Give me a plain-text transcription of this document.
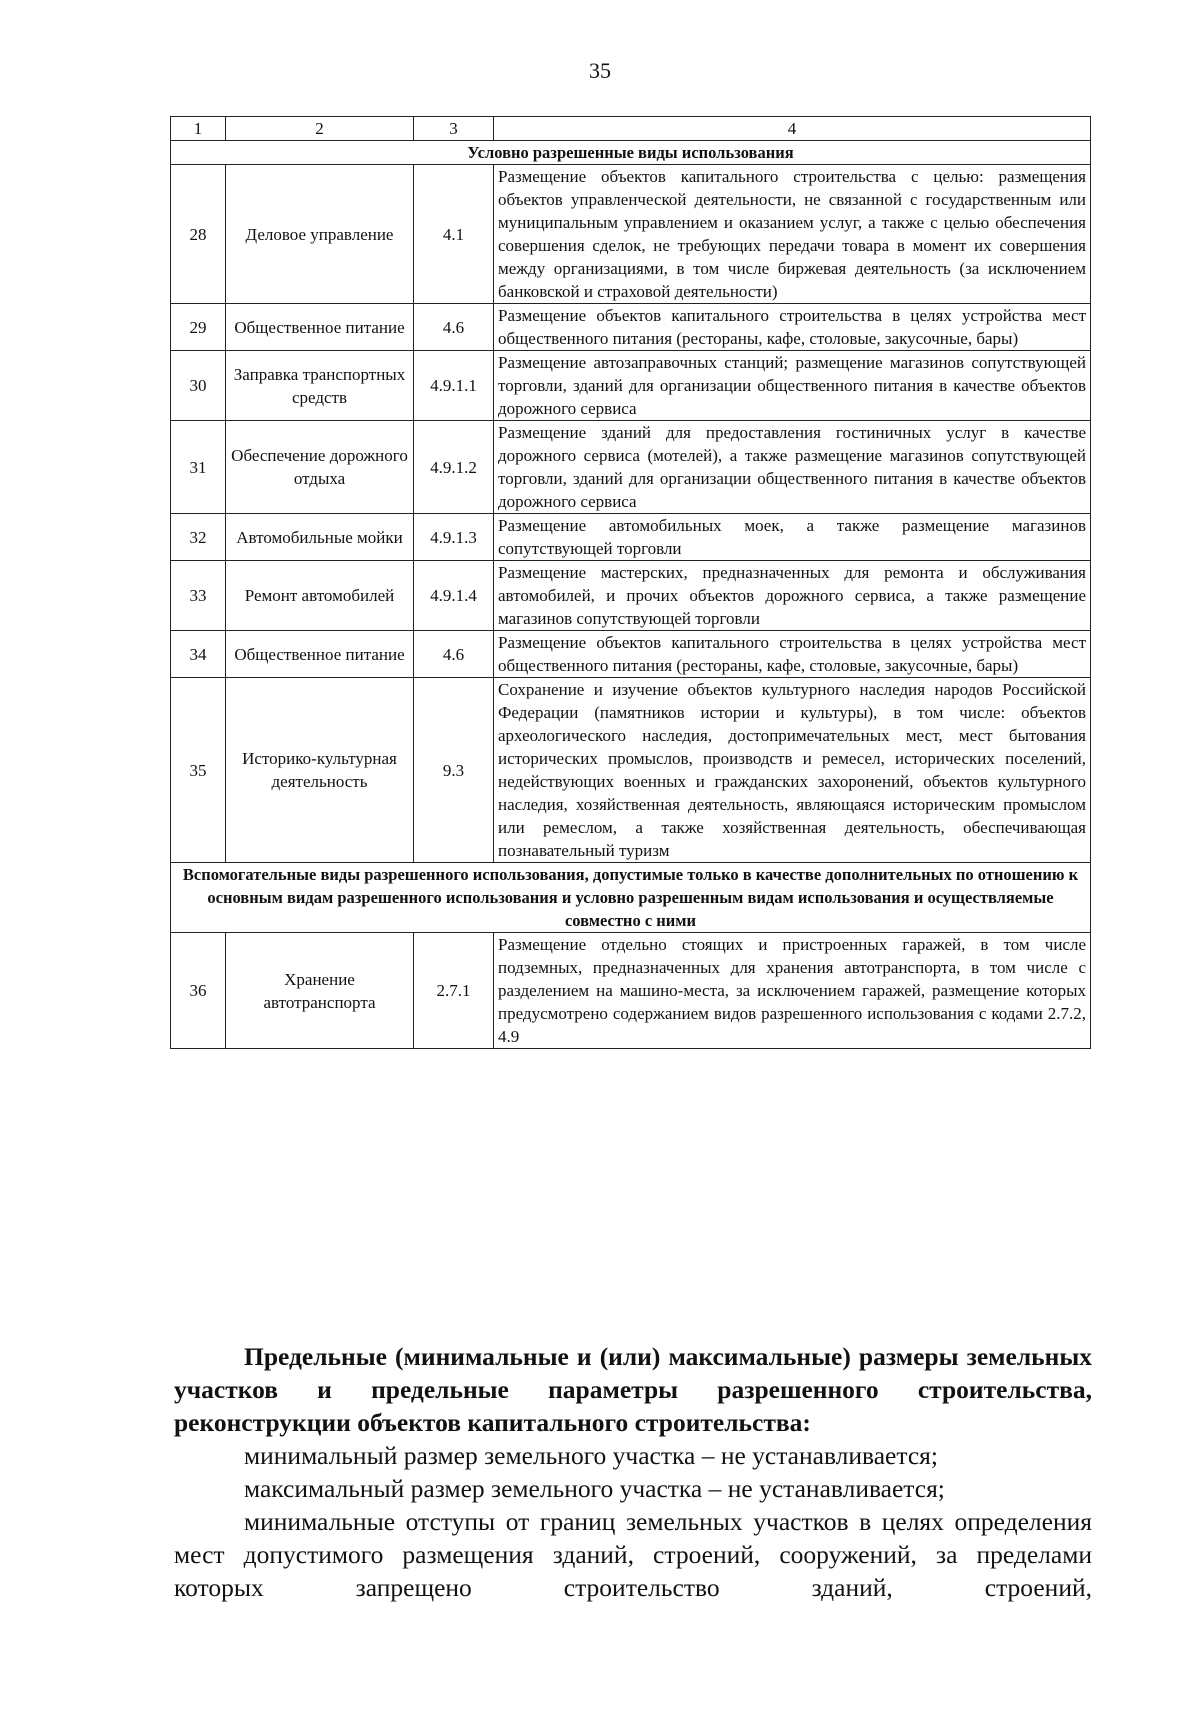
35
1	2	3	4
Условно разрешенные виды использования			
28	Деловое управление	4.1	Размещение объектов капитального строительства с целью: размещения объектов управленческой деятельности, не связанной с государственным или муниципальным управлением и оказанием услуг, а также с целью обеспечения совершения сделок, не требующих передачи товара в момент их совершения между организациями, в том числе биржевая деятельность (за исключением банковской и страховой деятельности)
29	Общественное питание	4.6	Размещение объектов капитального строительства в целях устройства мест общественного питания (рестораны, кафе, столовые, закусочные, бары)
30	Заправка транспортных средств	4.9.1.1	Размещение автозаправочных станций; размещение магазинов сопутствующей торговли, зданий для организации общественного питания в качестве объектов дорожного сервиса
31	Обеспечение дорожного отдыха	4.9.1.2	Размещение зданий для предоставления гостиничных услуг в качестве дорожного сервиса (мотелей), а также размещение магазинов сопутствующей торговли, зданий для организации общественного питания в качестве объектов дорожного сервиса
32	Автомобильные мойки	4.9.1.3	Размещение автомобильных моек, а также размещение магазинов сопутствующей торговли
33	Ремонт автомобилей	4.9.1.4	Размещение мастерских, предназначенных для ремонта и обслуживания автомобилей, и прочих объектов дорожного сервиса, а также размещение магазинов сопутствующей торговли
34	Общественное питание	4.6	Размещение объектов капитального строительства в целях устройства мест общественного питания (рестораны, кафе, столовые, закусочные, бары)
35	Историко-культурная деятельность	9.3	Сохранение и изучение объектов культурного наследия народов Российской Федерации (памятников истории и культуры), в том числе: объектов археологического наследия, достопримечательных мест, мест бытования исторических промыслов, производств и ремесел, исторических поселений, недействующих военных и гражданских захоронений, объектов культурного наследия, хозяйственная деятельность, являющаяся историческим промыслом или ремеслом, а также хозяйственная деятельность, обеспечивающая познавательный туризм
Вспомогательные виды разрешенного использования, допустимые только в качестве дополнительных по отношению к основным видам разрешенного использования и условно разрешенным видам использования и осуществляемые совместно с ними			
36	Хранение автотранспорта	2.7.1	Размещение отдельно стоящих и пристроенных гаражей, в том числе подземных, предназначенных для хранения автотранспорта, в том числе с разделением на машино-места, за исключением гаражей, размещение которых предусмотрено содержанием видов разрешенного использования с кодами 2.7.2, 4.9

Предельные (минимальные и (или) максимальные) размеры земельных участков и предельные параметры разрешенного строительства, реконструкции объектов капитального строительства:

минимальный размер земельного участка – не устанавливается;

максимальный размер земельного участка – не устанавливается;

минимальные отступы от границ земельных участков в целях определения мест допустимого размещения зданий, строений, сооружений, за пределами которых запрещено строительство зданий, строений,
